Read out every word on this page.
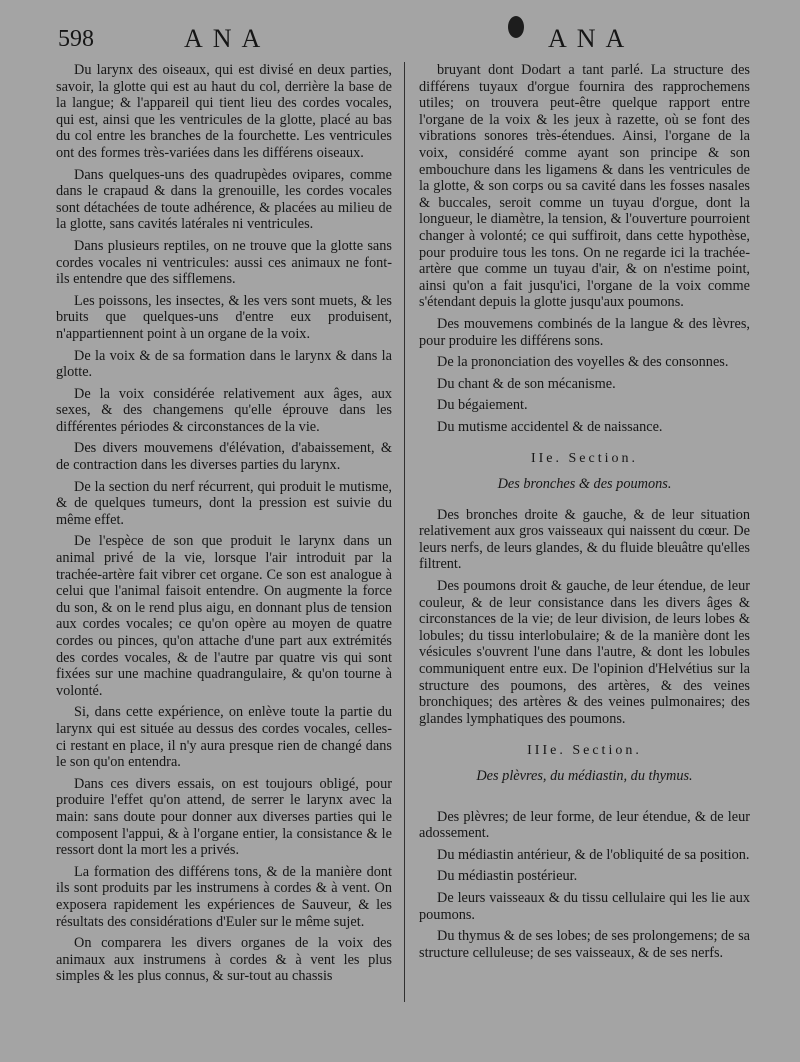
598	ANA	ANA

Du larynx des oiseaux, qui est divisé en deux parties, savoir, la glotte qui est au haut du col, derrière la base de la langue; & l'appareil qui tient lieu des cordes vocales, qui est, ainsi que les ventricules de la glotte, placé au bas du col entre les branches de la fourchette. Les ventricules ont des formes très-variées dans les différens oiseaux.

Dans quelques-uns des quadrupèdes ovipares, comme dans le crapaud & dans la grenouille, les cordes vocales sont détachées de toute adhérence, & placées au milieu de la glotte, sans cavités latérales ni ventricules.

Dans plusieurs reptiles, on ne trouve que la glotte sans cordes vocales ni ventricules: aussi ces animaux ne font-ils entendre que des sifflemens.

Les poissons, les insectes, & les vers sont muets, & les bruits que quelques-uns d'entre eux produisent, n'appartiennent point à un organe de la voix.

De la voix & de sa formation dans le larynx & dans la glotte.

De la voix considérée relativement aux âges, aux sexes, & des changemens qu'elle éprouve dans les différentes périodes & circonstances de la vie.

Des divers mouvemens d'élévation, d'abaissement, & de contraction dans les diverses parties du larynx.

De la section du nerf récurrent, qui produit le mutisme, & de quelques tumeurs, dont la pression est suivie du même effet.

De l'espèce de son que produit le larynx dans un animal privé de la vie, lorsque l'air introduit par la trachée-artère fait vibrer cet organe. Ce son est analogue à celui que l'animal faisoit entendre. On augmente la force du son, & on le rend plus aigu, en donnant plus de tension aux cordes vocales; ce qu'on opère au moyen de quatre cordes ou pinces, qu'on attache d'une part aux extrémités des cordes vocales, & de l'autre par quatre vis qui sont fixées sur une machine quadrangulaire, & qu'on tourne à volonté.

Si, dans cette expérience, on enlève toute la partie du larynx qui est située au dessus des cordes vocales, celles-ci restant en place, il n'y aura presque rien de changé dans le son qu'on entendra.

Dans ces divers essais, on est toujours obligé, pour produire l'effet qu'on attend, de serrer le larynx avec la main: sans doute pour donner aux diverses parties qui le composent l'appui, & à l'organe entier, la consistance & le ressort dont la mort les a privés.

La formation des différens tons, & de la manière dont ils sont produits par les instrumens à cordes & à vent. On exposera rapidement les expériences de Sauveur, & les résultats des considérations d'Euler sur le même sujet.

On comparera les divers organes de la voix des animaux aux instrumens à cordes & à vent les plus simples & les plus connus, & sur-tout au chassis

bruyant dont Dodart a tant parlé. La structure des différens tuyaux d'orgue fournira des rapprochemens utiles; on trouvera peut-être quelque rapport entre l'organe de la voix & les jeux à razette, où se font des vibrations sonores très-étendues. Ainsi, l'organe de la voix, considéré comme ayant son principe & son embouchure dans les ligamens & dans les ventricules de la glotte, & son corps ou sa cavité dans les fosses nasales & buccales, seroit comme un tuyau d'orgue, dont la longueur, le diamètre, la tension, & l'ouverture pourroient changer à volonté; ce qui suffiroit, dans cette hypothèse, pour produire tous les tons. On ne regarde ici la trachée-artère que comme un tuyau d'air, & on n'estime point, ainsi qu'on a fait jusqu'ici, l'organe de la voix comme s'étendant depuis la glotte jusqu'aux poumons.

Des mouvemens combinés de la langue & des lèvres, pour produire les différens sons.

De la prononciation des voyelles & des consonnes.

Du chant & de son mécanisme.

Du bégaiement.

Du mutisme accidentel & de naissance.

IIe. Section.
Des bronches & des poumons.

Des bronches droite & gauche, & de leur situation relativement aux gros vaisseaux qui naissent du cœur. De leurs nerfs, de leurs glandes, & du fluide bleuâtre qu'elles filtrent.

Des poumons droit & gauche, de leur étendue, de leur couleur, & de leur consistance dans les divers âges & circonstances de la vie; de leur division, de leurs lobes & lobules; du tissu interlobulaire; & de la manière dont les vésicules s'ouvrent l'une dans l'autre, & dont les lobules communiquent entre eux. De l'opinion d'Helvétius sur la structure des poumons, des artères, & des veines bronchiques; des artères & des veines pulmonaires; des glandes lymphatiques des poumons.

IIIe. Section.
Des plèvres, du médiastin, du thymus.

Des plèvres; de leur forme, de leur étendue, & de leur adossement.

Du médiastin antérieur, & de l'obliquité de sa position.

Du médiastin postérieur.

De leurs vaisseaux & du tissu cellulaire qui les lie aux poumons.

Du thymus & de ses lobes; de ses prolongemens; de sa structure celluleuse; de ses vaisseaux, & de ses nerfs.
